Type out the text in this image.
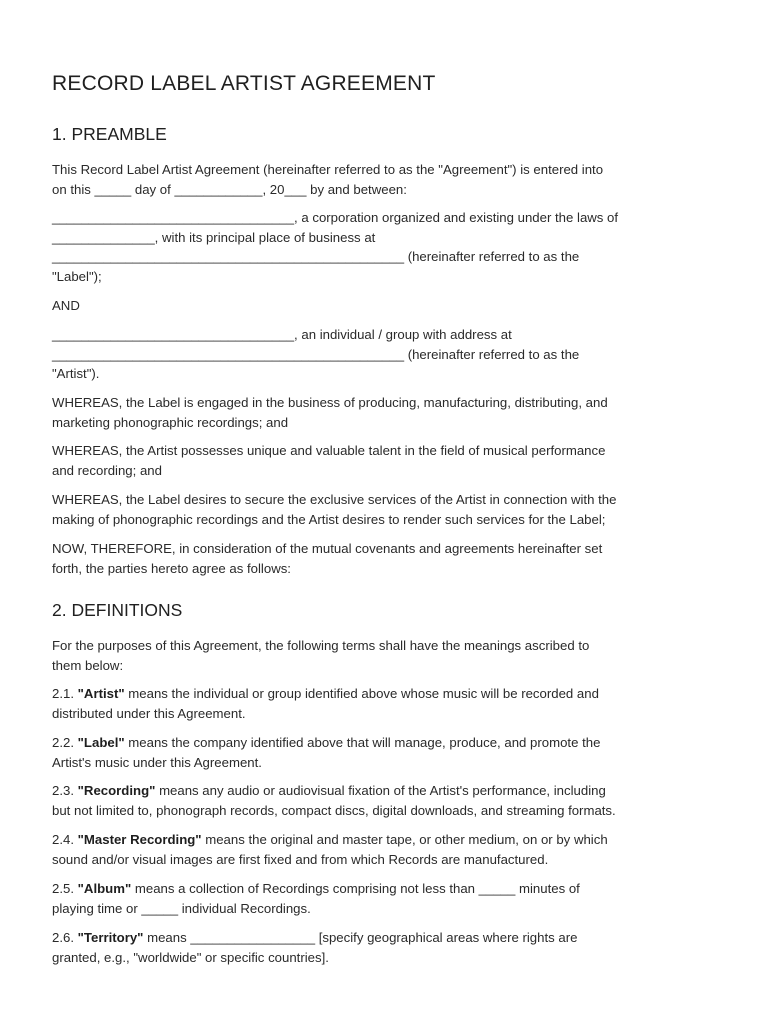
RECORD LABEL ARTIST AGREEMENT
1. PREAMBLE

This Record Label Artist Agreement (hereinafter referred to as the "Agreement") is entered into
on this _____ day of ____________, 20___ by and between:

_________________________________, a corporation organized and existing under the laws of
______________, with its principal place of business at
________________________________________________ (hereinafter referred to as the
"Label");

AND

_________________________________, an individual / group with address at
________________________________________________ (hereinafter referred to as the
"Artist").

WHEREAS, the Label is engaged in the business of producing, manufacturing, distributing, and
marketing phonographic recordings; and

WHEREAS, the Artist possesses unique and valuable talent in the field of musical performance
and recording; and

WHEREAS, the Label desires to secure the exclusive services of the Artist in connection with the
making of phonographic recordings and the Artist desires to render such services for the Label;

NOW, THEREFORE, in consideration of the mutual covenants and agreements hereinafter set
forth, the parties hereto agree as follows:

2. DEFINITIONS

For the purposes of this Agreement, the following terms shall have the meanings ascribed to
them below:

2.1. "Artist" means the individual or group identified above whose music will be recorded and
distributed under this Agreement.

2.2. "Label" means the company identified above that will manage, produce, and promote the
Artist's music under this Agreement.

2.3. "Recording" means any audio or audiovisual fixation of the Artist's performance, including
but not limited to, phonograph records, compact discs, digital downloads, and streaming formats.

2.4. "Master Recording" means the original and master tape, or other medium, on or by which
sound and/or visual images are first fixed and from which Records are manufactured.

2.5. "Album" means a collection of Recordings comprising not less than _____ minutes of
playing time or _____ individual Recordings.

2.6. "Territory" means _________________ [specify geographical areas where rights are
granted, e.g., "worldwide" or specific countries].
